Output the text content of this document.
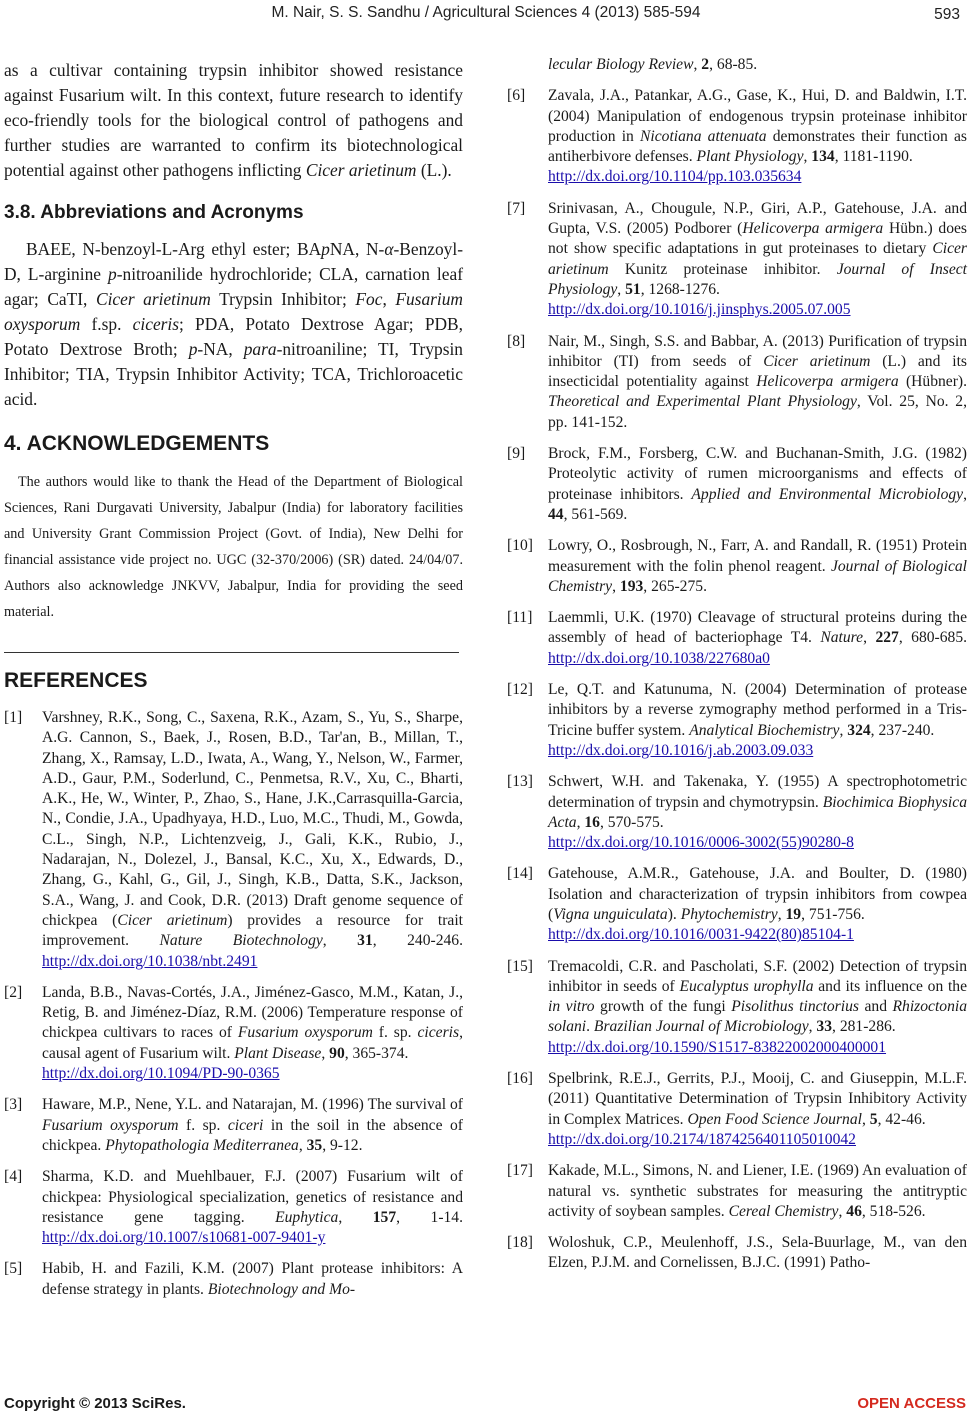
M. Nair, S. S. Sandhu / Agricultural Sciences 4 (2013) 585-594	593

as a cultivar containing trypsin inhibitor showed resistance against Fusarium wilt. In this context, future research to identify eco-friendly tools for the biological control of pathogens and further studies are warranted to confirm its biotechnological potential against other pathogens inflicting Cicer arietinum (L.).

3.8. Abbreviations and Acronyms

BAEE, N-benzoyl-L-Arg ethyl ester; BApNA, N-α-Benzoyl-D, L-arginine p-nitroanilide hydrochloride; CLA, carnation leaf agar; CaTI, Cicer arietinum Trypsin Inhibitor; Foc, Fusarium oxysporum f.sp. ciceris; PDA, Potato Dextrose Agar; PDB, Potato Dextrose Broth; p-NA, para-nitroaniline; TI, Trypsin Inhibitor; TIA, Trypsin Inhibitor Activity; TCA, Trichloroacetic acid.

4. ACKNOWLEDGEMENTS

The authors would like to thank the Head of the Department of Biological Sciences, Rani Durgavati University, Jabalpur (India) for laboratory facilities and University Grant Commission Project (Govt. of India), New Delhi for financial assistance vide project no. UGC (32-370/2006) (SR) dated. 24/04/07. Authors also acknowledge JNKVV, Jabalpur, India for providing the seed material.

REFERENCES
[1]	Varshney, R.K., Song, C., Saxena, R.K., Azam, S., Yu, S., Sharpe, A.G. Cannon, S., Baek, J., Rosen, B.D., Tar'an, B., Millan, T., Zhang, X., Ramsay, L.D., Iwata, A., Wang, Y., Nelson, W., Farmer, A.D., Gaur, P.M., Soderlund, C., Penmetsa, R.V., Xu, C., Bharti, A.K., He, W., Winter, P., Zhao, S., Hane, J.K.,Carrasquilla-Garcia, N., Condie, J.A., Upadhyaya, H.D., Luo, M.C., Thudi, M., Gowda, C.L., Singh, N.P., Lichtenzveig, J., Gali, K.K., Rubio, J., Nadarajan, N., Dolezel, J., Bansal, K.C., Xu, X., Edwards, D., Zhang, G., Kahl, G., Gil, J., Singh, K.B., Datta, S.K., Jackson, S.A., Wang, J. and Cook, D.R. (2013) Draft genome sequence of chickpea (Cicer arietinum) provides a resource for trait improvement. Nature Biotechnology, 31, 240-246. http://dx.doi.org/10.1038/nbt.2491
[2]	Landa, B.B., Navas-Cortés, J.A., Jiménez-Gasco, M.M., Katan, J., Retig, B. and Jiménez-Díaz, R.M. (2006) Temperature response of chickpea cultivars to races of Fusarium oxysporum f. sp. ciceris, causal agent of Fusarium wilt. Plant Disease, 90, 365-374.
http://dx.doi.org/10.1094/PD-90-0365
[3]	Haware, M.P., Nene, Y.L. and Natarajan, M. (1996) The survival of Fusarium oxysporum f. sp. ciceri in the soil in the absence of chickpea. Phytopathologia Mediterranea, 35, 9-12.
[4]	Sharma, K.D. and Muehlbauer, F.J. (2007) Fusarium wilt of chickpea: Physiological specialization, genetics of resistance and resistance gene tagging. Euphytica, 157, 1-14. http://dx.doi.org/10.1007/s10681-007-9401-y
[5]	Habib, H. and Fazili, K.M. (2007) Plant protease inhibitors: A defense strategy in plants. Biotechnology and Mo-
lecular Biology Review, 2, 68-85.
[6]	Zavala, J.A., Patankar, A.G., Gase, K., Hui, D. and Baldwin, I.T. (2004) Manipulation of endogenous trypsin proteinase inhibitor production in Nicotiana attenuata demonstrates their function as antiherbivore defenses. Plant Physiology, 134, 1181-1190.
http://dx.doi.org/10.1104/pp.103.035634
[7]	Srinivasan, A., Chougule, N.P., Giri, A.P., Gatehouse, J.A. and Gupta, V.S. (2005) Podborer (Helicoverpa armigera Hübn.) does not show specific adaptations in gut proteinases to dietary Cicer arietinum Kunitz proteinase inhibitor. Journal of Insect Physiology, 51, 1268-1276.
http://dx.doi.org/10.1016/j.jinsphys.2005.07.005
[8]	Nair, M., Singh, S.S. and Babbar, A. (2013) Purification of trypsin inhibitor (TI) from seeds of Cicer arietinum (L.) and its insecticidal potentiality against Helicoverpa armigera (Hübner). Theoretical and Experimental Plant Physiology, Vol. 25, No. 2, pp. 141-152.
[9]	Brock, F.M., Forsberg, C.W. and Buchanan-Smith, J.G. (1982) Proteolytic activity of rumen microorganisms and effects of proteinase inhibitors. Applied and Environmental Microbiology, 44, 561-569.
[10] Lowry, O., Rosbrough, N., Farr, A. and Randall, R. (1951) Protein measurement with the folin phenol reagent. Journal of Biological Chemistry, 193, 265-275.
[11] Laemmli, U.K. (1970) Cleavage of structural proteins during the assembly of head of bacteriophage T4. Nature, 227, 680-685. http://dx.doi.org/10.1038/227680a0
[12] Le, Q.T. and Katunuma, N. (2004) Determination of protease inhibitors by a reverse zymography method performed in a Tris-Tricine buffer system. Analytical Biochemistry, 324, 237-240.
http://dx.doi.org/10.1016/j.ab.2003.09.033
[13] Schwert, W.H. and Takenaka, Y. (1955) A spectrophotometric determination of trypsin and chymotrypsin. Biochimica Biophysica Acta, 16, 570-575.
http://dx.doi.org/10.1016/0006-3002(55)90280-8
[14] Gatehouse, A.M.R., Gatehouse, J.A. and Boulter, D. (1980) Isolation and characterization of trypsin inhibitors from cowpea (Vigna unguiculata). Phytochemistry, 19, 751-756.
http://dx.doi.org/10.1016/0031-9422(80)85104-1
[15] Tremacoldi, C.R. and Pascholati, S.F. (2002) Detection of trypsin inhibitor in seeds of Eucalyptus urophylla and its influence on the in vitro growth of the fungi Pisolithus tinctorius and Rhizoctonia solani. Brazilian Journal of Microbiology, 33, 281-286.
http://dx.doi.org/10.1590/S1517-83822002000400001
[16] Spelbrink, R.E.J., Gerrits, P.J., Mooij, C. and Giuseppin, M.L.F. (2011) Quantitative Determination of Trypsin Inhibitory Activity in Complex Matrices. Open Food Science Journal, 5, 42-46.
http://dx.doi.org/10.2174/1874256401105010042
[17] Kakade, M.L., Simons, N. and Liener, I.E. (1969) An evaluation of natural vs. synthetic substrates for measuring the antitryptic activity of soybean samples. Cereal Chemistry, 46, 518-526.
[18] Woloshuk, C.P., Meulenhoff, J.S., Sela-Buurlage, M., van den Elzen, P.J.M. and Cornelissen, B.J.C. (1991) Patho-
Copyright © 2013 SciRes.	OPEN ACCESS
